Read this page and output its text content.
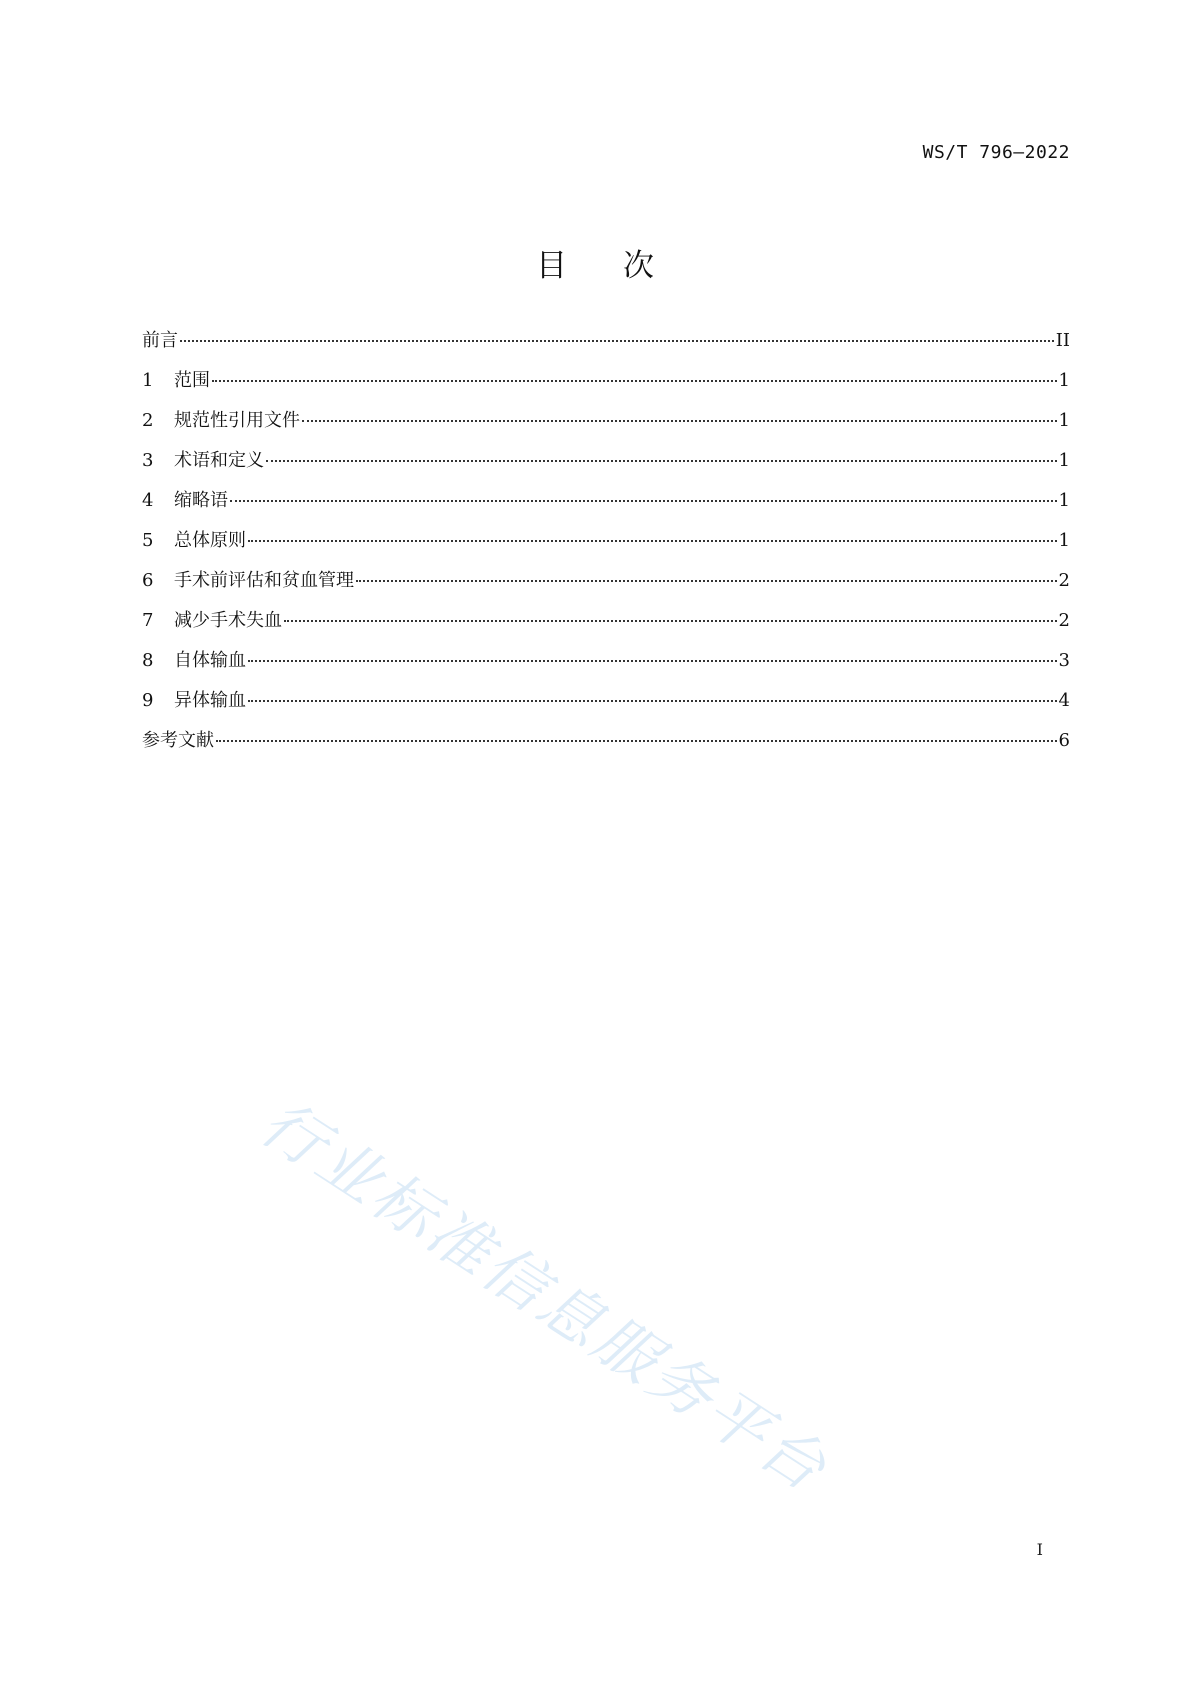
WS/T 796—2022
目次
前言	II
1	范围	1
2	规范性引用文件	1
3	术语和定义	1
4	缩略语	1
5	总体原则	1
6	手术前评估和贫血管理	2
7	减少手术失血	2
8	自体输血	3
9	异体输血	4
参考文献	6
行业标准信息服务平台
I
